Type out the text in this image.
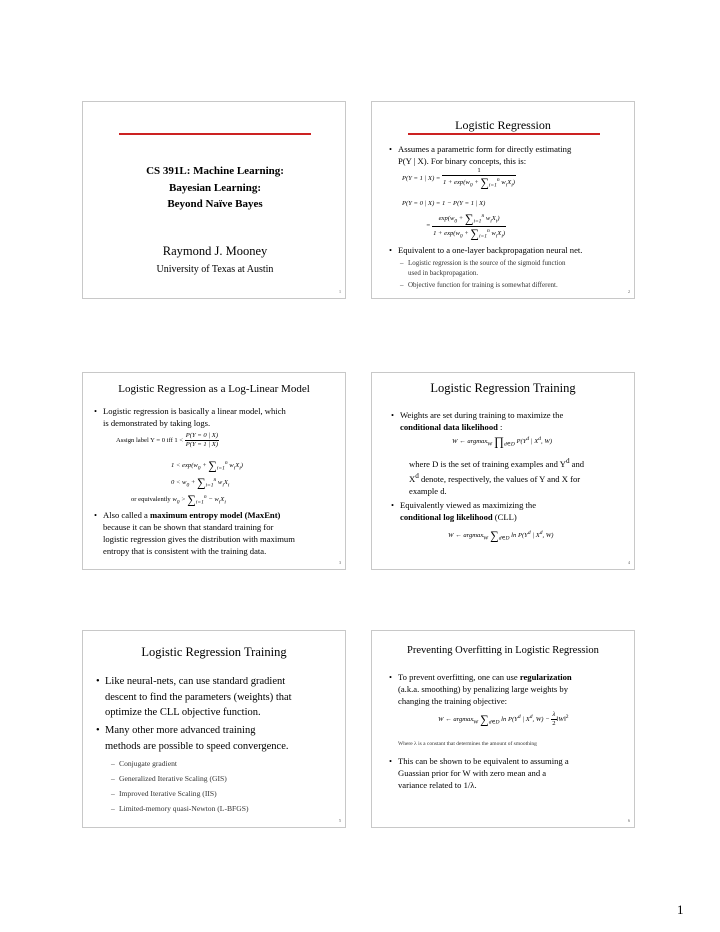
CS 391L: Machine Learning:
Bayesian Learning:
Beyond Naïve Bayes
Raymond J. Mooney
University of Texas at Austin
1
Logistic Regression
• Assumes a parametric form for directly estimating
P(Y | X). For binary concepts, this is:
P(Y = 1 | $X) = \frac{1}{1 + \exp(w_0 + \sum_{i=1}^n w_iX_i)}$
P(Y = 0 | X) = 1 − P(Y = 1 | X)
= $\frac{\exp(w_0 + \sum_{i=1}^n w_iX_i)}{1 + \exp(w_0 + \sum_{i=1}^n w_iX_i)}$
• Equivalent to a one-layer backpropagation neural net.
– Logistic regression is the source of the sigmoid function
used in backpropagation.
– Objective function for training is somewhat different.
2
Logistic Regression as a Log-Linear Model
• Logistic regression is basically a linear model, which
is demonstrated by taking logs.
Assign label Y = 0 iff $1 < \frac{P(Y = 0 | X)}{P(Y = 1 | X)}$
$1 < \exp(w_0 + \sum_{i=1}^n$ $w_iX_i$)
$0 < w_0 + \sum_{i=1}^n$ $w_iX_i$
or equivalently $w_0 > \sum_{i=1}^n - w_iX_i$
• Also called a maximum entropy model (MaxEnt)
because it can be shown that standard training for
logistic regression gives the distribution with maximum
entropy that is consistent with the training data.
3
Logistic Regression Training
• Weights are set during training to maximize the
conditional data likelihood :
W ← argmax$_W$ $\prod_{d\in D}$ $P(Y^d$ | $X^d$, W)
where D is the set of training examples and $Y^d$ and
$X^d$ denote, respectively, the values of Y and X for
example d.
• Equivalently viewed as maximizing the
conditional log likelihood (CLL)
W ← argmax$_W$ $\sum_{d\in D}$ $\ln P(Y^d$ | $X^d$, W)
4
Logistic Regression Training
• Like neural-nets, can use standard gradient
descent to find the parameters (weights) that
optimize the CLL objective function.
• Many other more advanced training
methods are possible to speed convergence.
– Conjugate gradient
– Generalized Iterative Scaling (GIS)
– Improved Iterative Scaling (IIS)
– Limited-memory quasi-Newton (L-BFGS)
5
Preventing Overfitting in Logistic Regression
• To prevent overfitting, one can use regularization
(a.k.a. smoothing) by penalizing large weights by
changing the training objective:
W ← argmax$_W$ $\sum_{d\in D}$ $\ln P(Y^d$ | $X^d$, $W) - \frac{\lambda}{2}$ ‖W‖$^2$
Where λ is a constant that determines the amount of smoothing
• This can be shown to be equivalent to assuming a
Guassian prior for W with zero mean and a
variance related to 1/λ.
6
1
